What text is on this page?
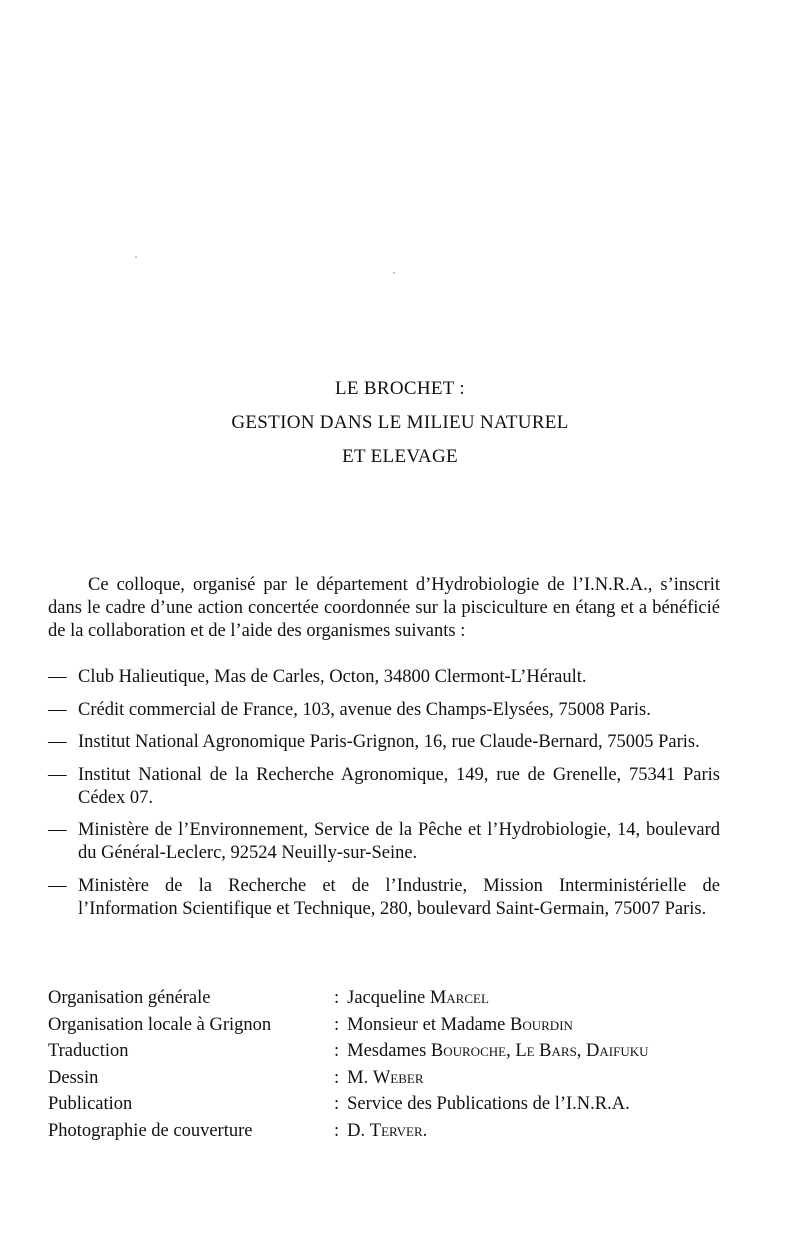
LE BROCHET :
GESTION DANS LE MILIEU NATUREL
ET ELEVAGE

Ce colloque, organisé par le département d’Hydrobiologie de l’I.N.R.A., s’inscrit dans le cadre d’une action concertée coordonnée sur la pisciculture en étang et a bénéficié de la collaboration et de l’aide des organismes suivants :

— Club Halieutique, Mas de Carles, Octon, 34800 Clermont-L’Hérault.
— Crédit commercial de France, 103, avenue des Champs-Elysées, 75008 Paris.
— Institut National Agronomique Paris-Grignon, 16, rue Claude-Bernard, 75005 Paris.
— Institut National de la Recherche Agronomique, 149, rue de Grenelle, 75341 Paris Cédex 07.
— Ministère de l’Environnement, Service de la Pêche et l’Hydrobiologie, 14, boulevard du Général-Leclerc, 92524 Neuilly-sur-Seine.
— Ministère de la Recherche et de l’Industrie, Mission Interministérielle de l’Information Scientifique et Technique, 280, boulevard Saint-Germain, 75007 Paris.
Organisation générale	: Jacqueline Marcel
Organisation locale à Grignon	: Monsieur et Madame Bourdin
Traduction	: Mesdames Bouroche, Le Bars, Daifuku
Dessin	: M. Weber
Publication	: Service des Publications de l’I.N.R.A.
Photographie de couverture	: D. Terver.
